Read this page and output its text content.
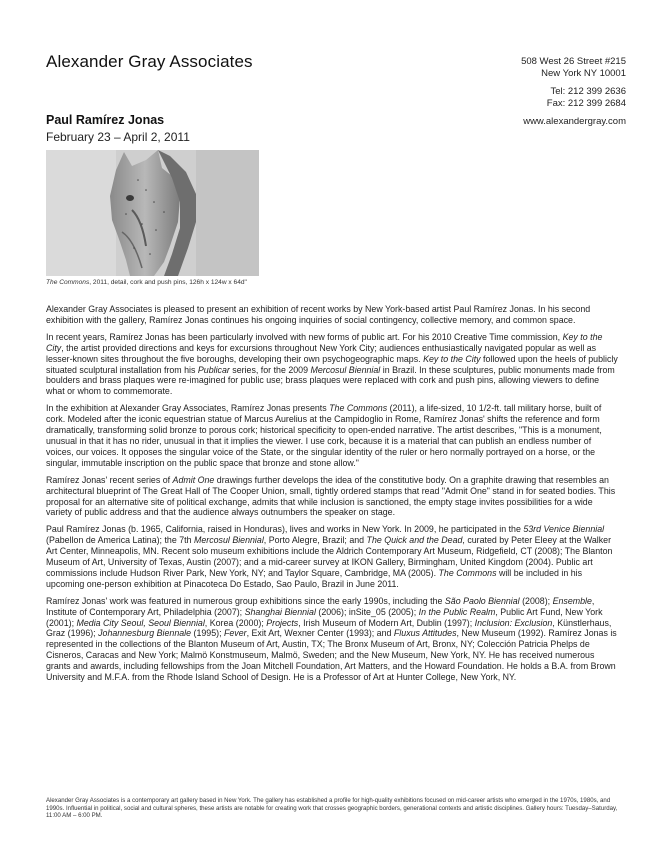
Alexander Gray Associates	508 West 26 Street #215
New York NY 10001
Tel: 212 399 2636
Fax: 212 399 2684
www.alexandergray.com
Paul Ramírez Jonas
February 23 – April 2, 2011
The Commons, 2011, detail, cork and push pins, 126h x 124w x 64d"

Alexander Gray Associates is pleased to present an exhibition of recent works by New York-based artist Paul Ramírez Jonas. In his second exhibition with the gallery, Ramírez Jonas continues his ongoing inquiries of social contingency, collective memory, and common space.

In recent years, Ramírez Jonas has been particularly involved with new forms of public art. For his 2010 Creative Time commission, Key to the City, the artist provided directions and keys for excursions throughout New York City; audiences enthusiastically navigated popular as well as lesser-known sites throughout the five boroughs, developing their own psychogeographic maps. Key to the City followed upon the heels of publicly situated sculptural installation from his Publicar series, for the 2009 Mercosul Biennial in Brazil. In these sculptures, public monuments made from boulders and brass plaques were re-imagined for public use; brass plaques were replaced with cork and push pins, allowing viewers to define what or whom to commemorate.

In the exhibition at Alexander Gray Associates, Ramírez Jonas presents The Commons (2011), a life-sized, 10 1/2-ft. tall military horse, built of cork. Modeled after the iconic equestrian statue of Marcus Aurelius at the Campidoglio in Rome, Ramírez Jonas' shifts the reference and form dramatically, transforming solid bronze to porous cork; historical specificity to open-ended narrative. The artist describes, "This is a monument, unusual in that it has no rider, unusual in that it implies the viewer. I use cork, because it is a material that can publish an endless number of voices, our voices. It opposes the singular voice of the State, or the singular identity of the ruler or hero normally portrayed on a horse, or the singular, immutable inscription on the public space that bronze and stone allow."

Ramírez Jonas' recent series of Admit One drawings further develops the idea of the constitutive body. On a graphite drawing that resembles an architectural blueprint of The Great Hall of The Cooper Union, small, tightly ordered stamps that read "Admit One" stand in for seated bodies. This proposal for an alternative site of political exchange, admits that while inclusion is sanctioned, the empty stage invites possibilities for a wide variety of public address and that the audience always outnumbers the speaker on stage.

Paul Ramírez Jonas (b. 1965, California, raised in Honduras), lives and works in New York. In 2009, he participated in the 53rd Venice Biennial (Pabellon de America Latina); the 7th Mercosul Biennial, Porto Alegre, Brazil; and The Quick and the Dead, curated by Peter Eleey at the Walker Art Center, Minneapolis, MN. Recent solo museum exhibitions include the Aldrich Contemporary Art Museum, Ridgefield, CT (2008); The Blanton Museum of Art, University of Texas, Austin (2007); and a mid-career survey at IKON Gallery, Birmingham, United Kingdom (2004). Public art commissions include Hudson River Park, New York, NY; and Taylor Square, Cambridge, MA (2005). The Commons will be included in his upcoming one-person exhibition at Pinacoteca Do Estado, Sao Paulo, Brazil in June 2011.

Ramírez Jonas' work was featured in numerous group exhibitions since the early 1990s, including the São Paolo Biennial (2008); Ensemble, Institute of Contemporary Art, Philadelphia (2007); Shanghai Biennial (2006); inSite_05 (2005); In the Public Realm, Public Art Fund, New York (2001); Media City Seoul, Seoul Biennial, Korea (2000); Projects, Irish Museum of Modern Art, Dublin (1997); Inclusion: Exclusion, Künstlerhaus, Graz (1996); Johannesburg Biennale (1995); Fever, Exit Art, Wexner Center (1993); and Fluxus Attitudes, New Museum (1992). Ramírez Jonas is represented in the collections of the Blanton Museum of Art, Austin, TX; The Bronx Museum of Art, Bronx, NY; Colección Patricia Phelps de Cisneros, Caracas and New York; Malmö Konstmuseum, Malmö, Sweden; and the New Museum, New York, NY. He has received numerous grants and awards, including fellowships from the Joan Mitchell Foundation, Art Matters, and the Howard Foundation. He holds a B.A. from Brown University and M.F.A. from the Rhode Island School of Design. He is a Professor of Art at Hunter College, New York, NY.

Alexander Gray Associates is a contemporary art gallery based in New York. The gallery has established a profile for high-quality exhibitions focused on mid-career artists who emerged in the 1970s, 1980s, and 1990s. Influential in political, social and cultural spheres, these artists are notable for creating work that crosses geographic borders, generational contexts and artistic disciplines. Gallery hours: Tuesday–Saturday, 11:00 AM – 6:00 PM.
